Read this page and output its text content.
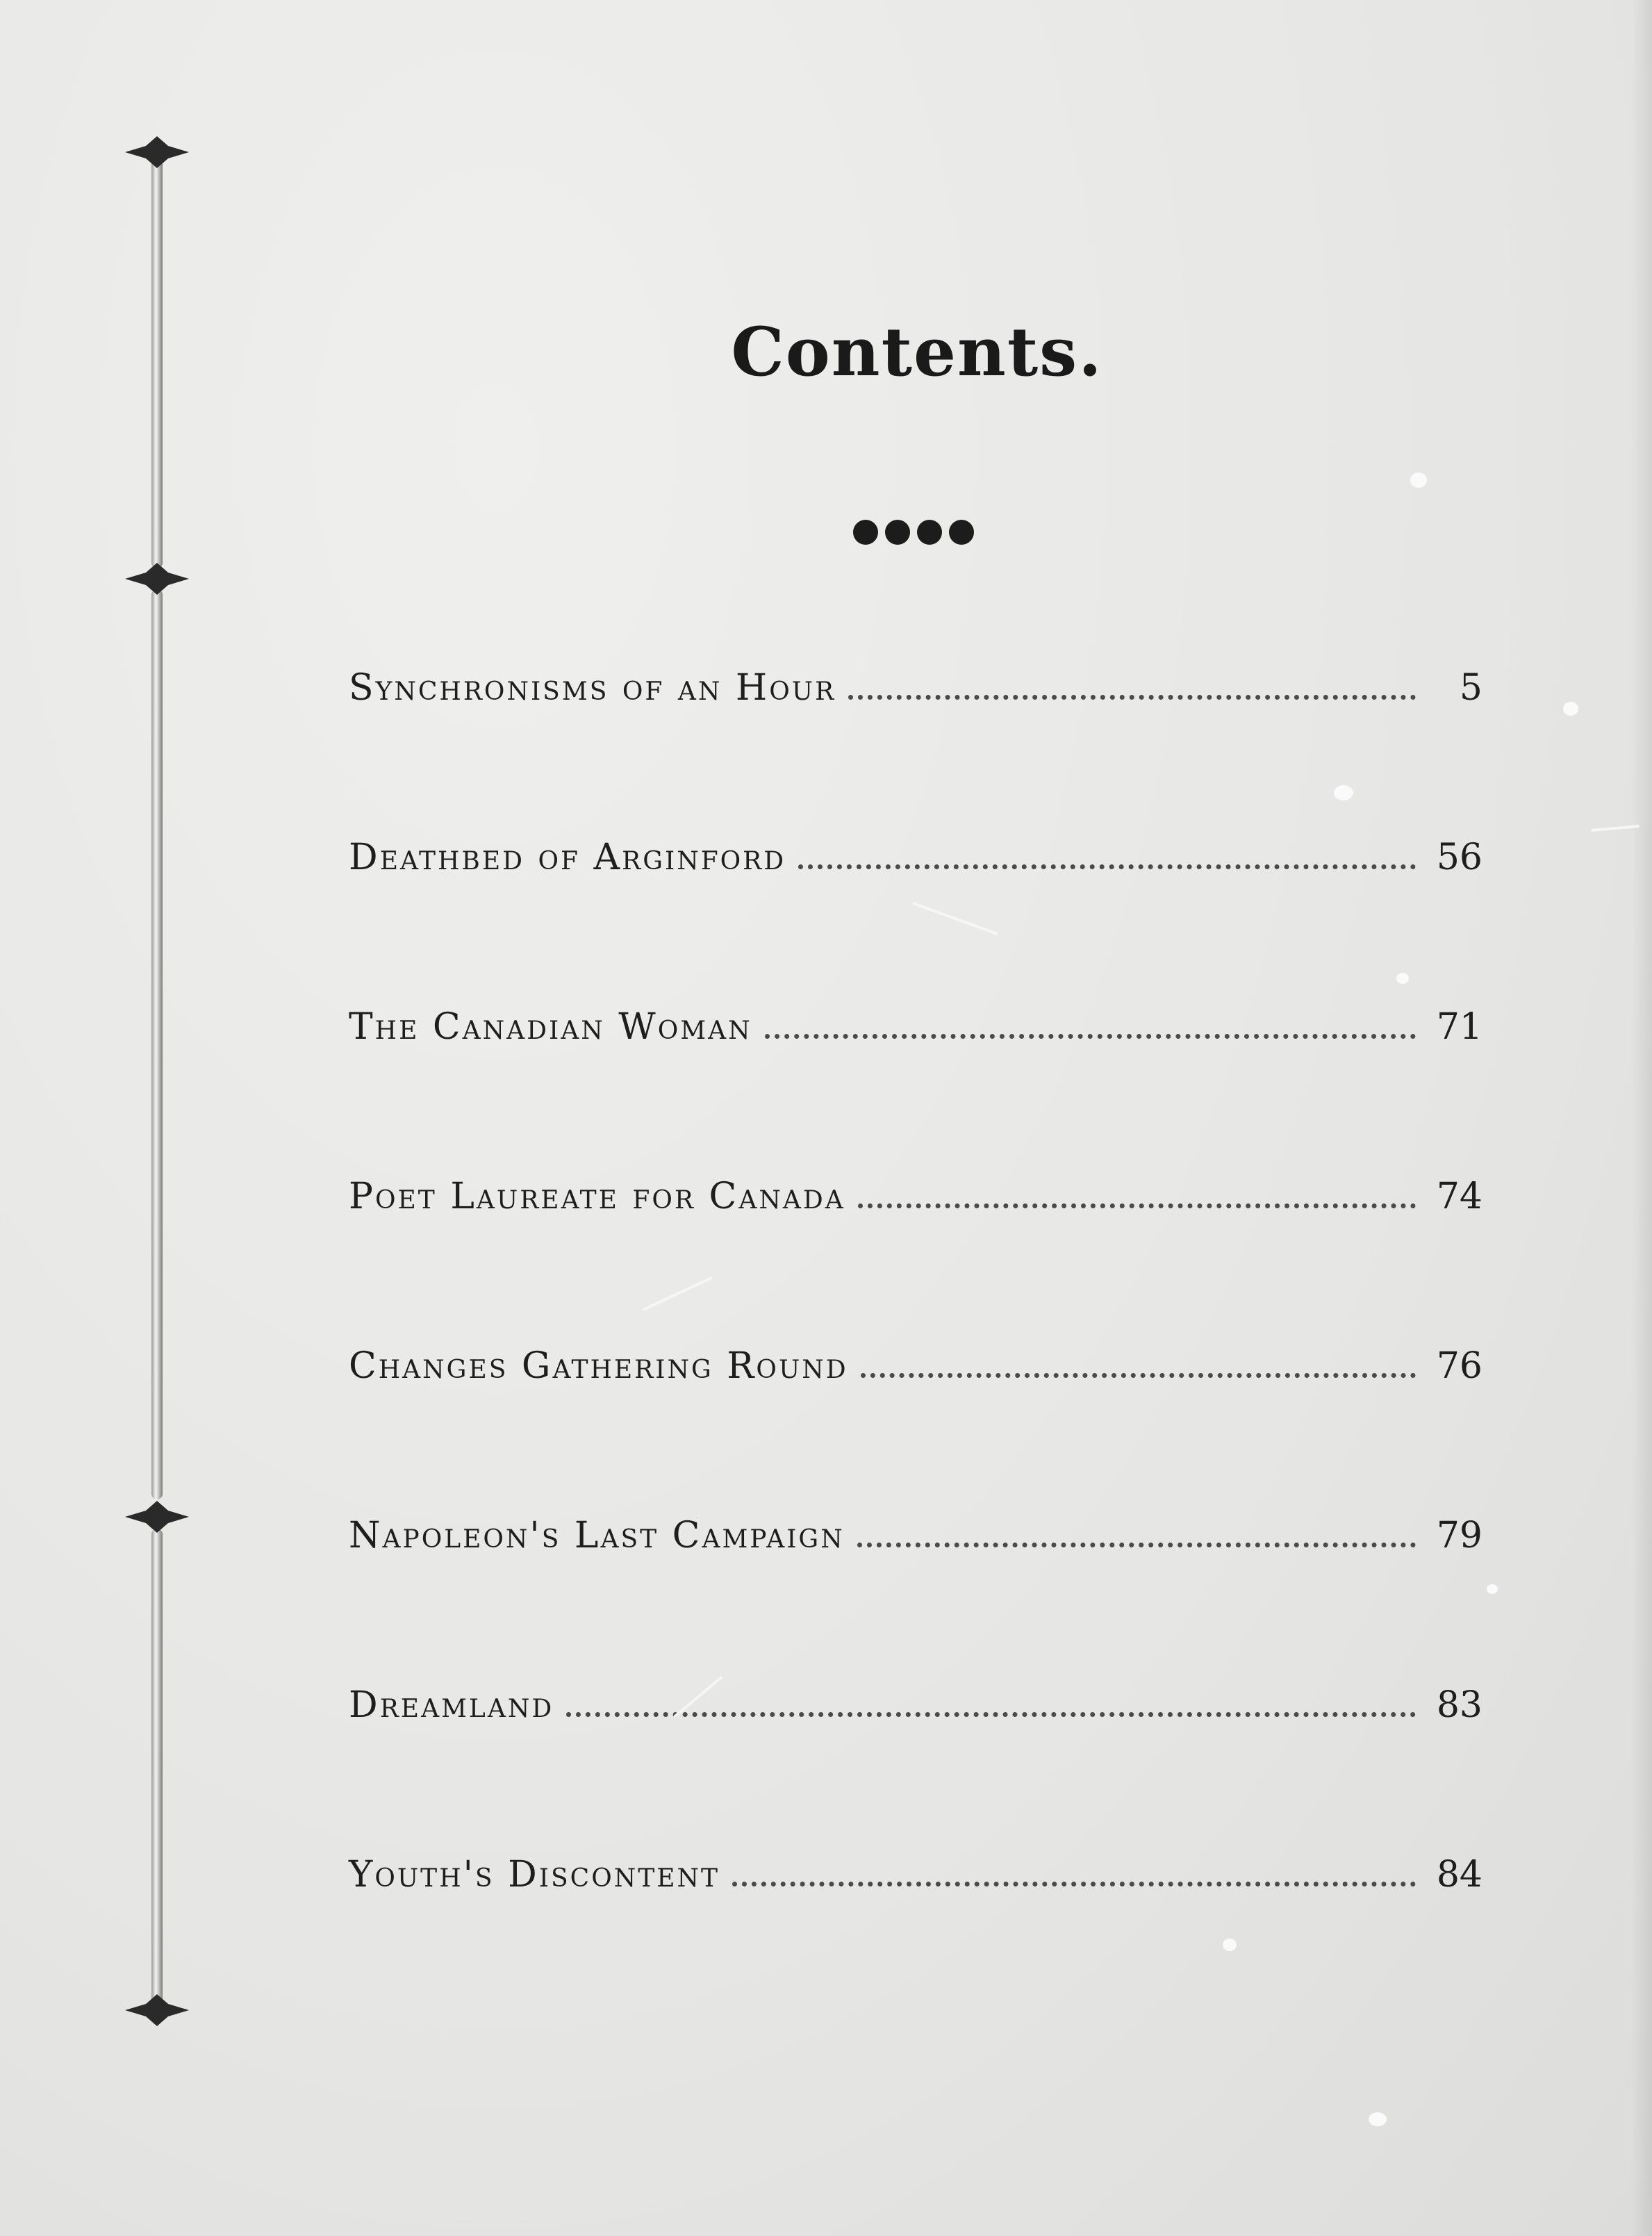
Contents.
Synchronisms of an Hour	5
Deathbed of Arginford	56
The Canadian Woman	71
Poet Laureate for Canada	74
Changes Gathering Round	76
Napoleon's Last Campaign	79
Dreamland	83
Youth's Discontent	84
